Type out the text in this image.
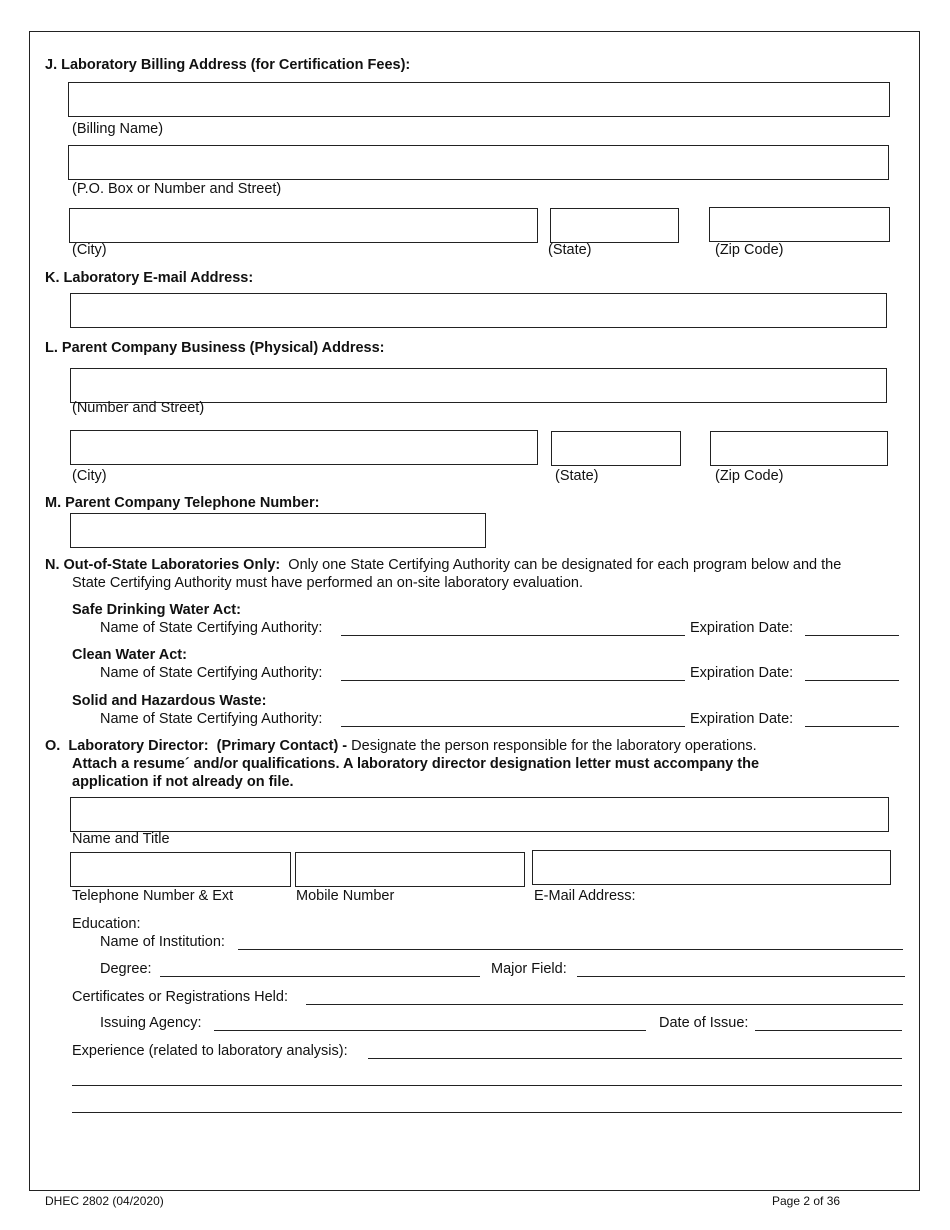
J. Laboratory Billing Address (for Certification Fees):
(Billing Name)
(P.O. Box or Number and Street)
(City)	(State)	(Zip Code)
K. Laboratory E-mail Address:
L. Parent Company Business (Physical) Address:
(Number and Street)
(City)	(State)	(Zip Code)
M. Parent Company Telephone Number:
N. Out-of-State Laboratories Only:  Only one State Certifying Authority can be designated for each program below and the
State Certifying Authority must have performed an on-site laboratory evaluation.
Safe Drinking Water Act:
Name of State Certifying Authority:	Expiration Date:
Clean Water Act:
Name of State Certifying Authority:	Expiration Date:
Solid and Hazardous Waste:
Name of State Certifying Authority:	Expiration Date:
O.  Laboratory Director:  (Primary Contact) - Designate the person responsible for the laboratory operations.
Attach a resume´ and/or qualifications. A laboratory director designation letter must accompany the
application if not already on file.
Name and Title
Telephone Number & Ext	Mobile Number	E-Mail Address:
Education:
Name of Institution:
Degree:	Major Field:
Certificates or Registrations Held:
Issuing Agency:	Date of Issue:
Experience (related to laboratory analysis):
DHEC 2802 (04/2020)	Page 2 of 36
